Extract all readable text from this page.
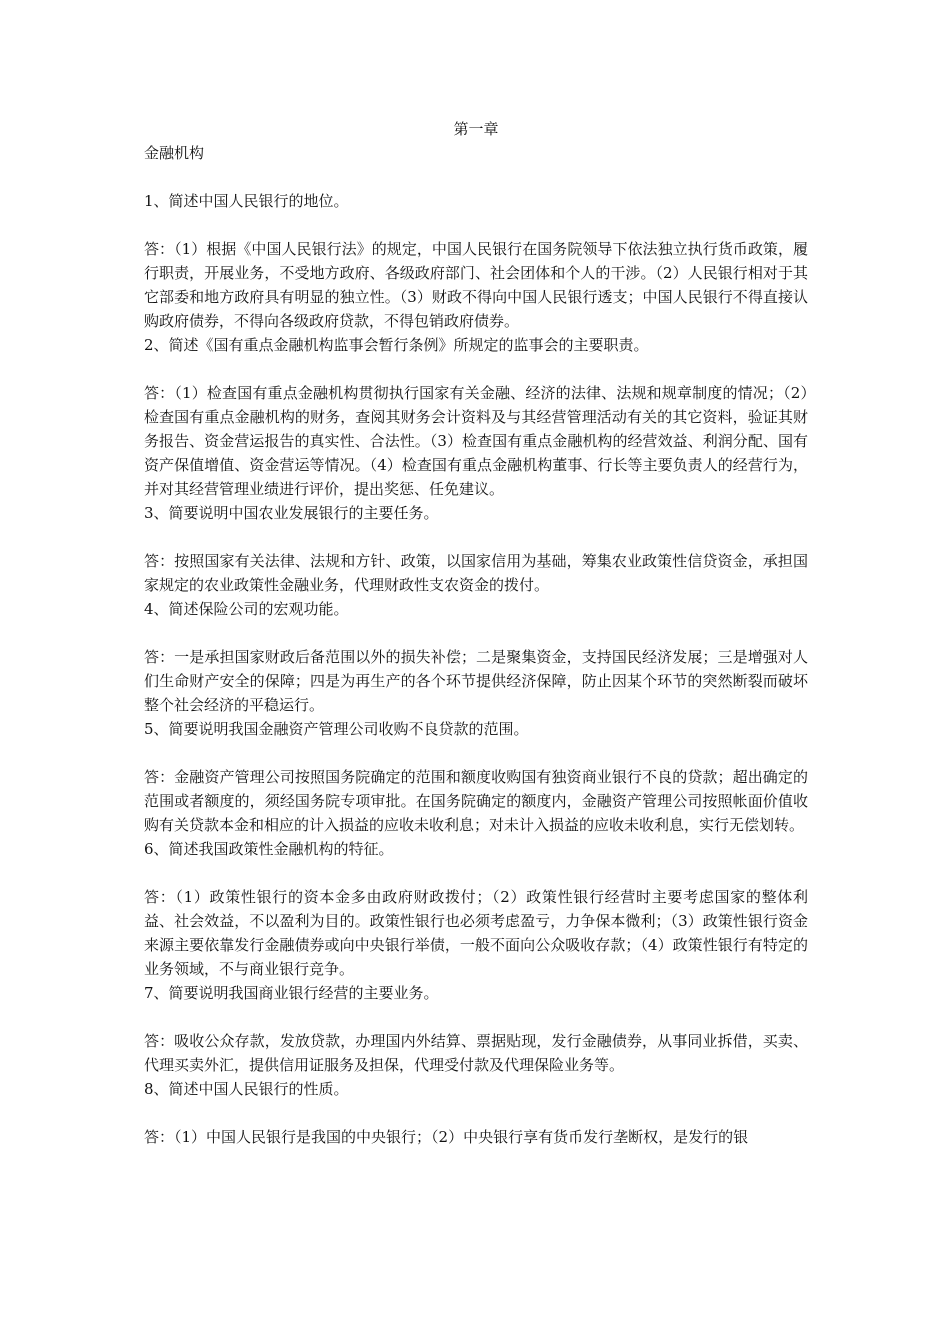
第一章
金融机构

1、简述中国人民银行的地位。

答：（1）根据《中国人民银行法》的规定，中国人民银行在国务院领导下依法独立执行货币政策，履行职责，开展业务，不受地方政府、各级政府部门、社会团体和个人的干涉。（2）人民银行相对于其它部委和地方政府具有明显的独立性。（3）财政不得向中国人民银行透支；中国人民银行不得直接认购政府债券，不得向各级政府贷款，不得包销政府债券。

2、简述《国有重点金融机构监事会暂行条例》所规定的监事会的主要职责。

答：（1）检查国有重点金融机构贯彻执行国家有关金融、经济的法律、法规和规章制度的情况；（2）检查国有重点金融机构的财务，查阅其财务会计资料及与其经营管理活动有关的其它资料，验证其财务报告、资金营运报告的真实性、合法性。（3）检查国有重点金融机构的经营效益、利润分配、国有资产保值增值、资金营运等情况。（4）检查国有重点金融机构董事、行长等主要负责人的经营行为，并对其经营管理业绩进行评价，提出奖惩、任免建议。

3、简要说明中国农业发展银行的主要任务。

答：按照国家有关法律、法规和方针、政策，以国家信用为基础，筹集农业政策性信贷资金，承担国家规定的农业政策性金融业务，代理财政性支农资金的拨付。

4、简述保险公司的宏观功能。

答：一是承担国家财政后备范围以外的损失补偿；二是聚集资金，支持国民经济发展；三是增强对人们生命财产安全的保障；四是为再生产的各个环节提供经济保障，防止因某个环节的突然断裂而破坏整个社会经济的平稳运行。

5、简要说明我国金融资产管理公司收购不良贷款的范围。

答：金融资产管理公司按照国务院确定的范围和额度收购国有独资商业银行不良的贷款；超出确定的范围或者额度的，须经国务院专项审批。在国务院确定的额度内，金融资产管理公司按照帐面价值收购有关贷款本金和相应的计入损益的应收未收利息；对未计入损益的应收未收利息，实行无偿划转。

6、简述我国政策性金融机构的特征。

答：（1）政策性银行的资本金多由政府财政拨付；（2）政策性银行经营时主要考虑国家的整体利益、社会效益，不以盈利为目的。政策性银行也必须考虑盈亏，力争保本微利；（3）政策性银行资金来源主要依靠发行金融债券或向中央银行举债，一般不面向公众吸收存款；（4）政策性银行有特定的业务领域，不与商业银行竞争。

7、简要说明我国商业银行经营的主要业务。

答：吸收公众存款，发放贷款，办理国内外结算、票据贴现，发行金融债券，从事同业拆借，买卖、代理买卖外汇，提供信用证服务及担保，代理受付款及代理保险业务等。

8、简述中国人民银行的性质。

答：（1）中国人民银行是我国的中央银行；（2）中央银行享有货币发行垄断权，是发行的银
